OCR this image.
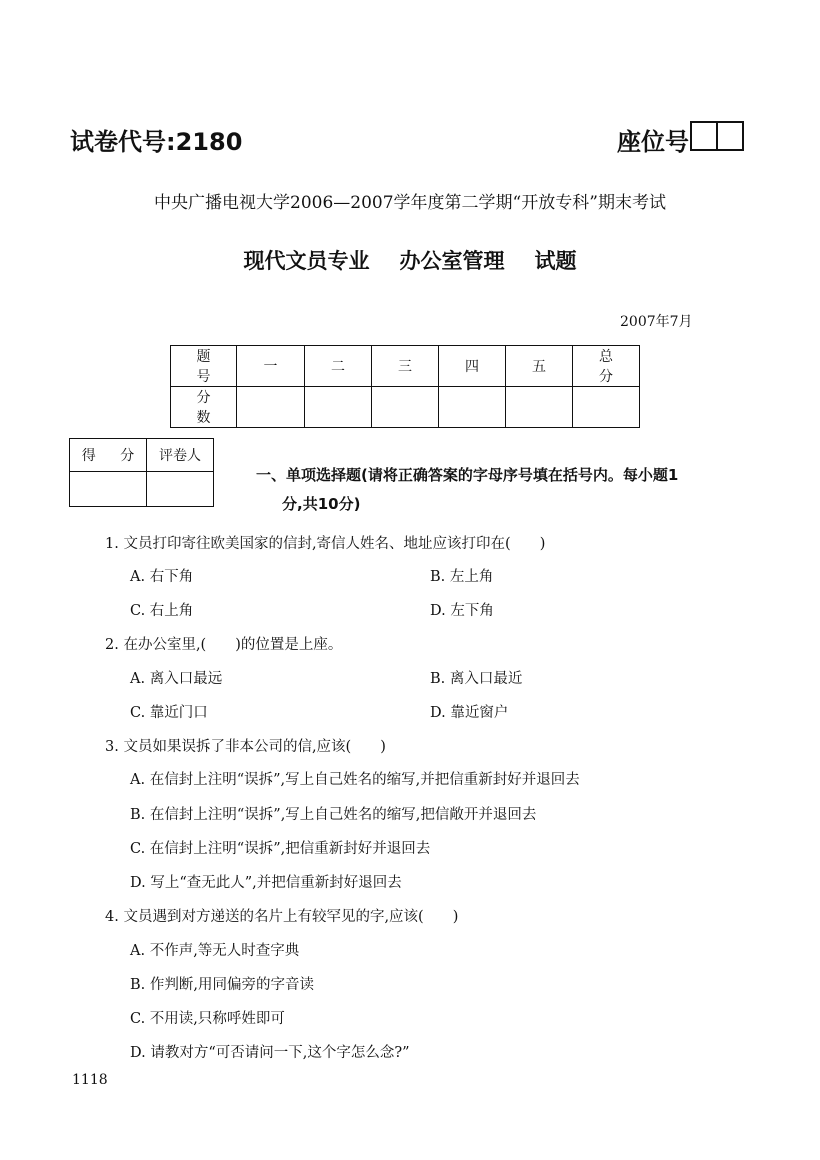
试卷代号:2180	座位号
中央广播电视大学2006—2007学年度第二学期“开放专科”期末考试
现代文员专业 办公室管理 试题
2007年7月
题 号	一	二	三	四	五	总 分
分 数						
得 分	评卷人

一、单项选择题(请将正确答案的字母序号填在括号内。每小题1
分,共10分)
1. 文员打印寄往欧美国家的信封,寄信人姓名、地址应该打印在(　　)
A. 右下角	B. 左上角
C. 右上角	D. 左下角
2. 在办公室里,(　　)的位置是上座。
A. 离入口最远	B. 离入口最近
C. 靠近门口	D. 靠近窗户
3. 文员如果误拆了非本公司的信,应该(　　)
A. 在信封上注明“误拆”,写上自己姓名的缩写,并把信重新封好并退回去
B. 在信封上注明“误拆”,写上自己姓名的缩写,把信敞开并退回去
C. 在信封上注明“误拆”,把信重新封好并退回去
D. 写上“查无此人”,并把信重新封好退回去
4. 文员遇到对方递送的名片上有较罕见的字,应该(　　)
A. 不作声,等无人时查字典
B. 作判断,用同偏旁的字音读
C. 不用读,只称呼姓即可
D. 请教对方“可否请问一下,这个字怎么念?”
1118
